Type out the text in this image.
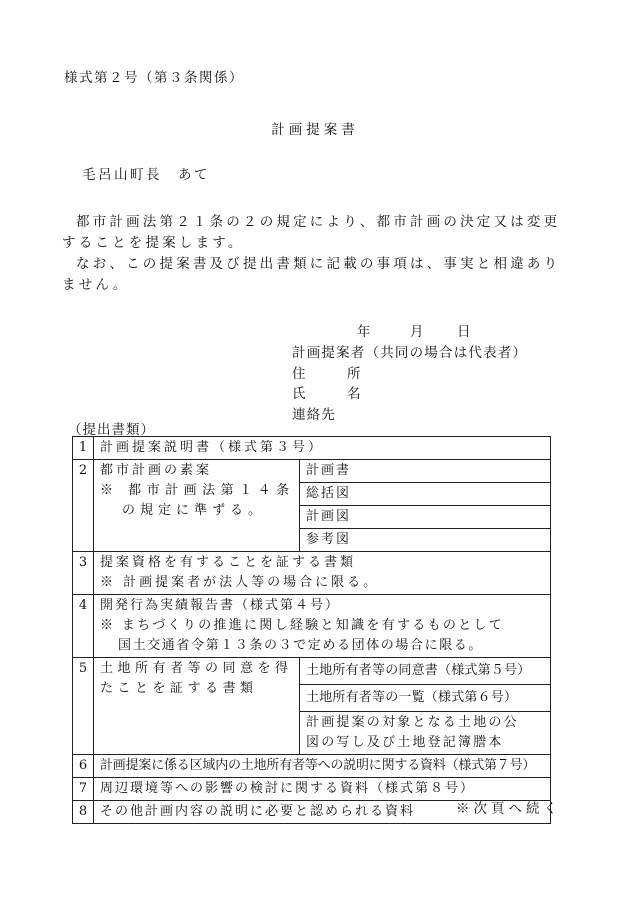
様式第２号（第３条関係）
計画提案書
毛呂山町長　あて
都市計画法第２１条の２の規定により、都市計画の決定又は変更することを提案します。
なお、この提案書及び提出書類に記載の事項は、事実と相違ありません。
年	月 日
計画提案者（共同の場合は代表者）
住　所
氏　名
連絡先
（提出書類）
1	計画提案説明書（様式第３号）	
2	都市計画の素案
※ 都市計画法第１４条
の規定に準ずる。	計画書
総括図
計画図
参考図

3	提案資格を有することを証する書類
※ 計画提案者が法人等の場合に限る。	

4	開発行為実績報告書（様式第４号）
※ まちづくりの推進に関し経験と知識を有するものとして
国土交通省令第１３条の３で定める団体の場合に限る。	

5	土地所有者等の同意を得
たことを証する書類	土地所有者等の同意書（様式第５号）
土地所有者等の一覧（様式第６号）
計画提案の対象となる土地の公
図の写し及び土地登記簿謄本

6	計画提案に係る区域内の土地所有者等への説明に関する資料（様式第７号）	
7	周辺環境等への影響の検討に関する資料（様式第８号）	
8	その他計画内容の説明に必要と認められる資料		※次頁へ続く
